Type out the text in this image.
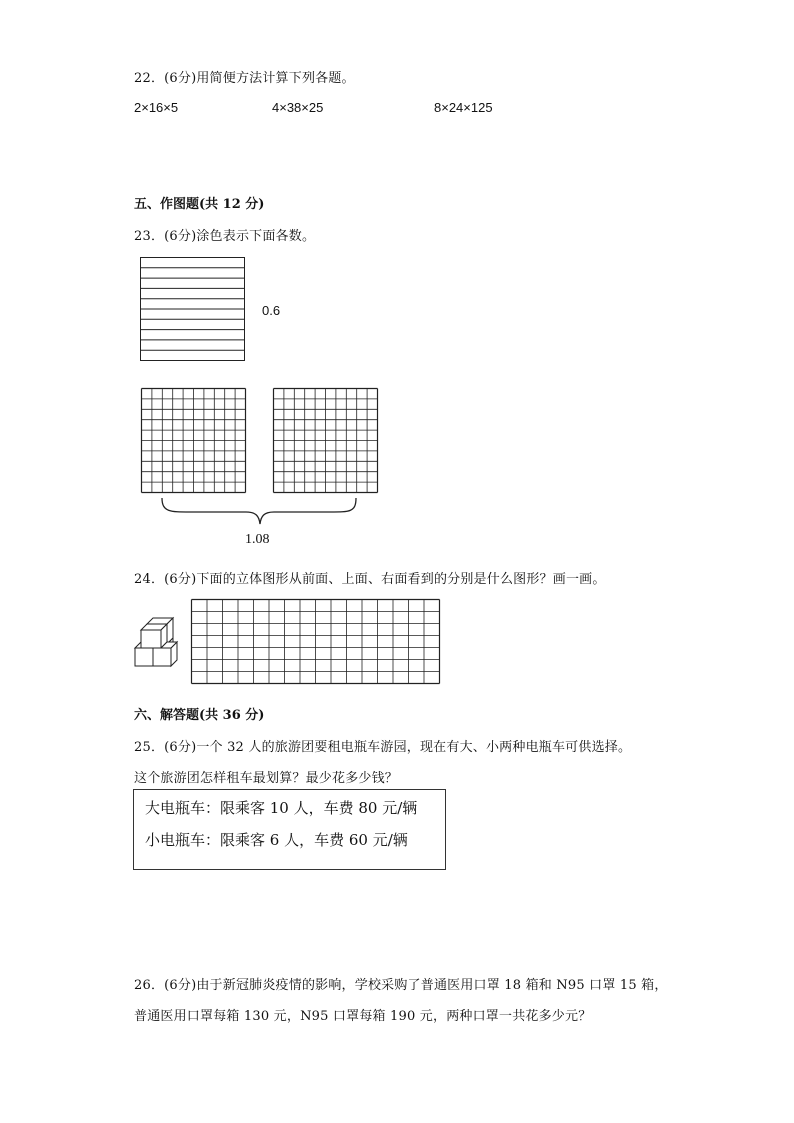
22．(6分)用简便方法计算下列各题。
2×16×5	4×38×25	8×24×125
五、作图题(共 12 分)
23．(6分)涂色表示下面各数。
0.6
1.08
24．(6分)下面的立体图形从前面、上面、右面看到的分别是什么图形？画一画。
六、解答题(共 36 分)
25．(6分)一个 32 人的旅游团要租电瓶车游园，现在有大、小两种电瓶车可供选择。
这个旅游团怎样租车最划算？最少花多少钱？
大电瓶车：限乘客 10 人，车费 80 元/辆
小电瓶车：限乘客 6 人，车费 60 元/辆
26．(6分)由于新冠肺炎疫情的影响，学校采购了普通医用口罩 18 箱和 N95 口罩 15 箱，
普通医用口罩每箱 130 元，N95 口罩每箱 190 元，两种口罩一共花多少元？
